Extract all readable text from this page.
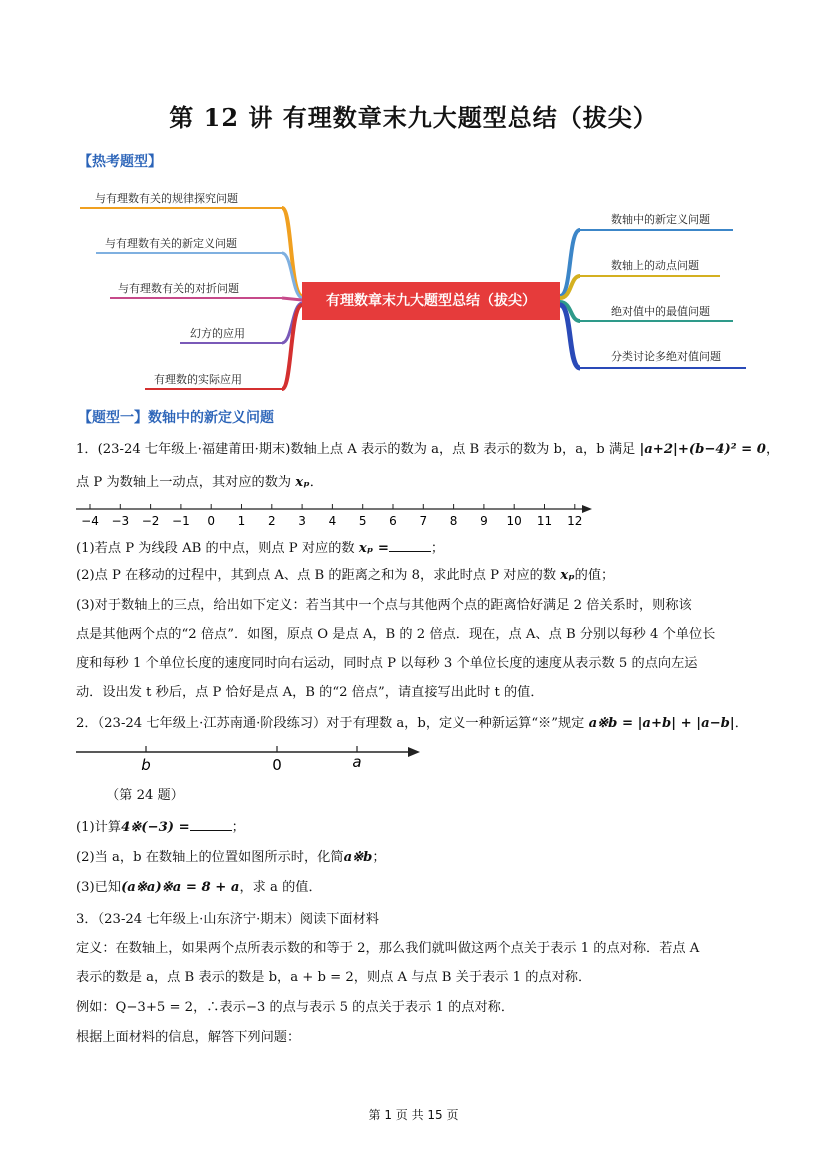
第 12 讲 有理数章末九大题型总结（拔尖）
【热考题型】
与有理数有关的规律探究问题
与有理数有关的新定义问题
与有理数有关的对折问题
幻方的应用
有理数的实际应用
有理数章末九大题型总结（拔尖）
数轴中的新定义问题
数轴上的动点问题
绝对值中的最值问题
分类讨论多绝对值问题
【题型一】数轴中的新定义问题
1．(23-24 七年级上·福建莆田·期末)数轴上点 A 表示的数为 a，点 B 表示的数为 b，a，b 满足 |a+2|+(b−4)² = 0，
点 P 为数轴上一动点，其对应的数为 xₚ．
−4 −3 −2 −1 0 1 2 3 4 5 6 7 8 9 10 11 12
(1)若点 P 为线段 AB 的中点，则点 P 对应的数 xₚ =	；
(2)点 P 在移动的过程中，其到点 A、点 B 的距离之和为 8，求此时点 P 对应的数 xₚ的值；
(3)对于数轴上的三点，给出如下定义：若当其中一个点与其他两个点的距离恰好满足 2 倍关系时，则称该
点是其他两个点的“2 倍点”．如图，原点 O 是点 A，B 的 2 倍点．现在，点 A、点 B 分别以每秒 4 个单位长
度和每秒 1 个单位长度的速度同时向右运动，同时点 P 以每秒 3 个单位长度的速度从表示数 5 的点向左运
动．设出发 t 秒后，点 P 恰好是点 A，B 的“2 倍点”，请直接写出此时 t 的值．
2．（23-24 七年级上·江苏南通·阶段练习）对于有理数 a，b，定义一种新运算“※”规定 a※b = |a+b| + |a−b|．
b	0	a
（第 24 题）
(1)计算4※(−3) =	；
(2)当 a，b 在数轴上的位置如图所示时，化简a※b；
(3)已知(a※a)※a = 8 + a，求 a 的值．
3．（23-24 七年级上·山东济宁·期末）阅读下面材料
定义：在数轴上，如果两个点所表示数的和等于 2，那么我们就叫做这两个点关于表示 1 的点对称．若点 A
表示的数是 a，点 B 表示的数是 b，a + b = 2，则点 A 与点 B 关于表示 1 的点对称．
例如：Q−3+5 = 2，∴表示−3 的点与表示 5 的点关于表示 1 的点对称．
根据上面材料的信息，解答下列问题：
第 1 页 共 15 页
